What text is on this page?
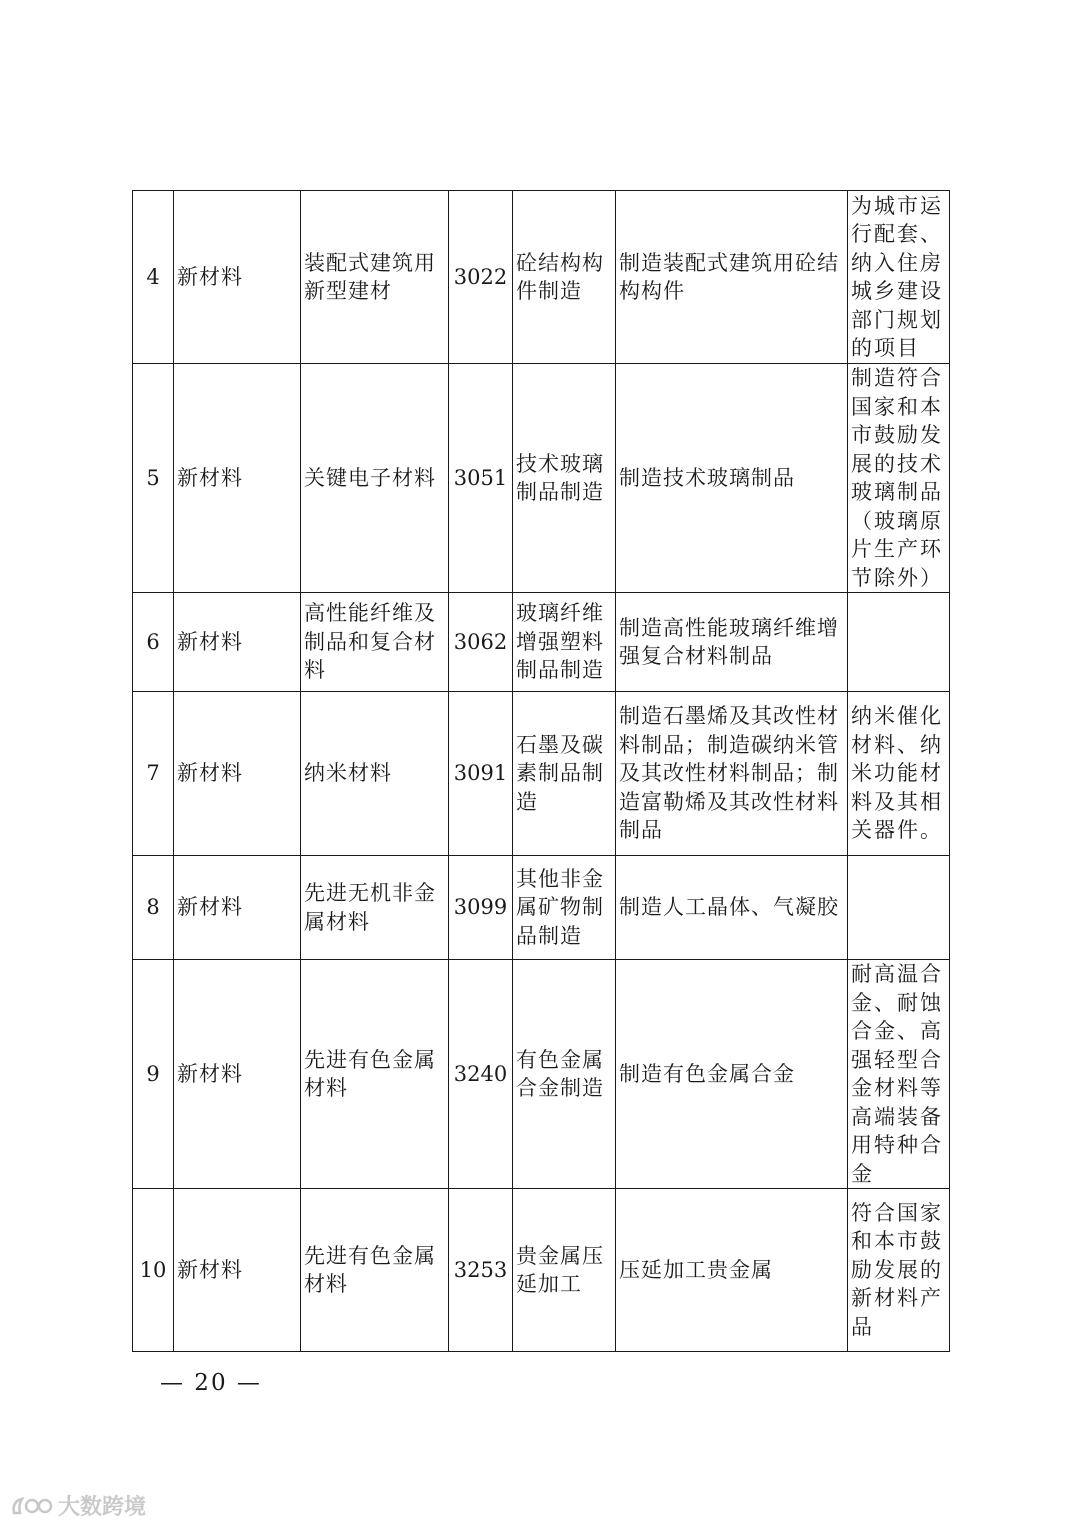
4	新材料	装配式建筑用新型建材	3022	砼结构构件制造	制造装配式建筑用砼结构构件	为城市运行配套、纳入住房城乡建设部门规划的项目
5	新材料	关键电子材料	3051	技术玻璃制品制造	制造技术玻璃制品	制造符合国家和本市鼓励发展的技术玻璃制品（玻璃原片生产环节除外）
6	新材料	高性能纤维及制品和复合材料	3062	玻璃纤维增强塑料制品制造	制造高性能玻璃纤维增强复合材料制品	
7	新材料	纳米材料	3091	石墨及碳素制品制造	制造石墨烯及其改性材料制品；制造碳纳米管及其改性材料制品；制造富勒烯及其改性材料制品	纳米催化材料、纳米功能材料及其相关器件。
8	新材料	先进无机非金属材料	3099	其他非金属矿物制品制造	制造人工晶体、气凝胶	
9	新材料	先进有色金属材料	3240	有色金属合金制造	制造有色金属合金	耐高温合金、耐蚀合金、高强轻型合金材料等高端装备用特种合金
10	新材料	先进有色金属材料	3253	贵金属压延加工	压延加工贵金属	符合国家和本市鼓励发展的新材料产品
— 20 —
大数跨境
